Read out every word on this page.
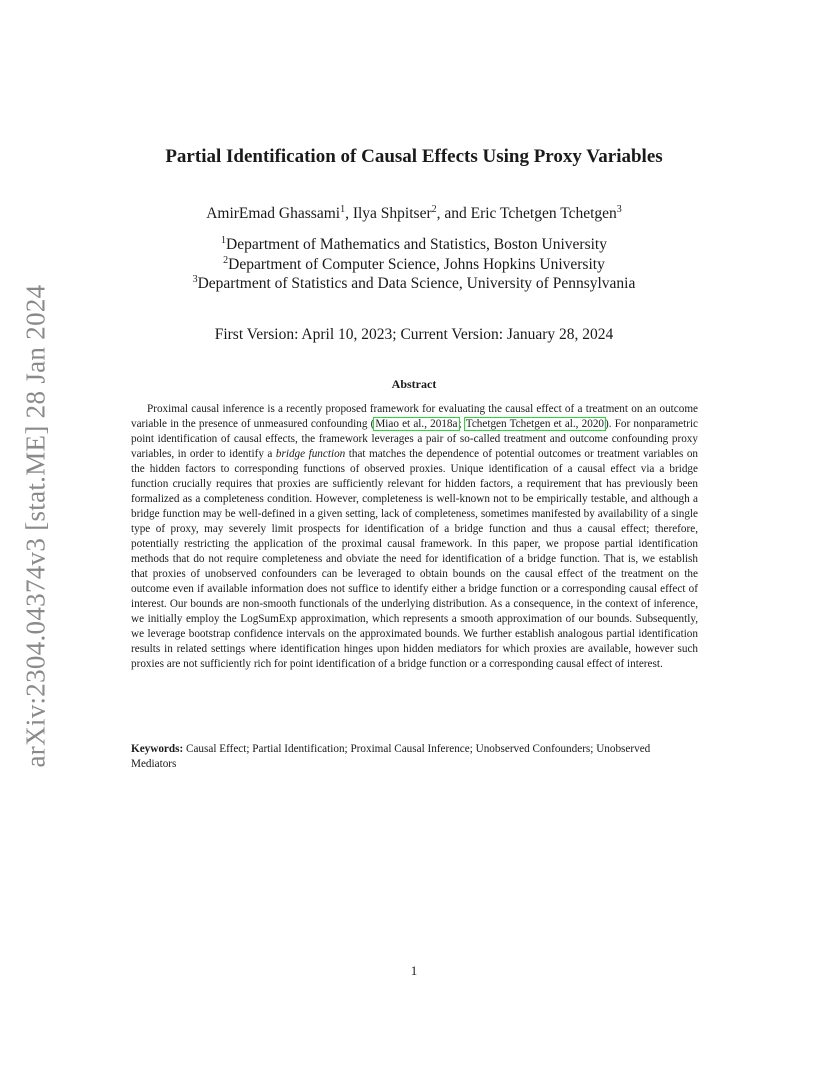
arXiv:2304.04374v3 [stat.ME] 28 Jan 2024
Partial Identification of Causal Effects Using Proxy Variables
AmirEmad Ghassami$^1$, Ilya Shpitser$^2$, and Eric Tchetgen Tchetgen$^3$
$^1$Department of Mathematics and Statistics, Boston University
$^2$Department of Computer Science, Johns Hopkins University
$^3$Department of Statistics and Data Science, University of Pennsylvania
First Version: April 10, 2023; Current Version: January 28, 2024
Abstract
Proximal causal inference is a recently proposed framework for evaluating the causal effect of a treatment on an outcome variable in the presence of unmeasured confounding (Miao et al., 2018a; Tchetgen Tchetgen et al., 2020). For nonparametric point identification of causal effects, the framework leverages a pair of so-called treatment and outcome confounding proxy variables, in order to identify a bridge function that matches the dependence of potential outcomes or treatment variables on the hidden factors to corresponding functions of observed proxies. Unique identification of a causal effect via a bridge function crucially requires that proxies are sufficiently relevant for hidden factors, a requirement that has previously been formalized as a completeness condition. However, completeness is well-known not to be empirically testable, and although a bridge function may be well-defined in a given setting, lack of completeness, sometimes manifested by availability of a single type of proxy, may severely limit prospects for identification of a bridge function and thus a causal effect; therefore, potentially restricting the application of the proximal causal framework. In this paper, we propose partial identification methods that do not require completeness and obviate the need for identification of a bridge function. That is, we establish that proxies of unobserved confounders can be leveraged to obtain bounds on the causal effect of the treatment on the outcome even if available information does not suffice to identify either a bridge function or a corresponding causal effect of interest. Our bounds are non-smooth functionals of the underlying distribution. As a consequence, in the context of inference, we initially employ the LogSumExp approximation, which represents a smooth approximation of our bounds. Subsequently, we leverage bootstrap confidence intervals on the approximated bounds. We further establish analogous partial identification results in related settings where identification hinges upon hidden mediators for which proxies are available, however such proxies are not sufficiently rich for point identification of a bridge function or a corresponding causal effect of interest.
Keywords: Causal Effect; Partial Identification; Proximal Causal Inference; Unobserved Confounders; Unobserved Mediators
1
